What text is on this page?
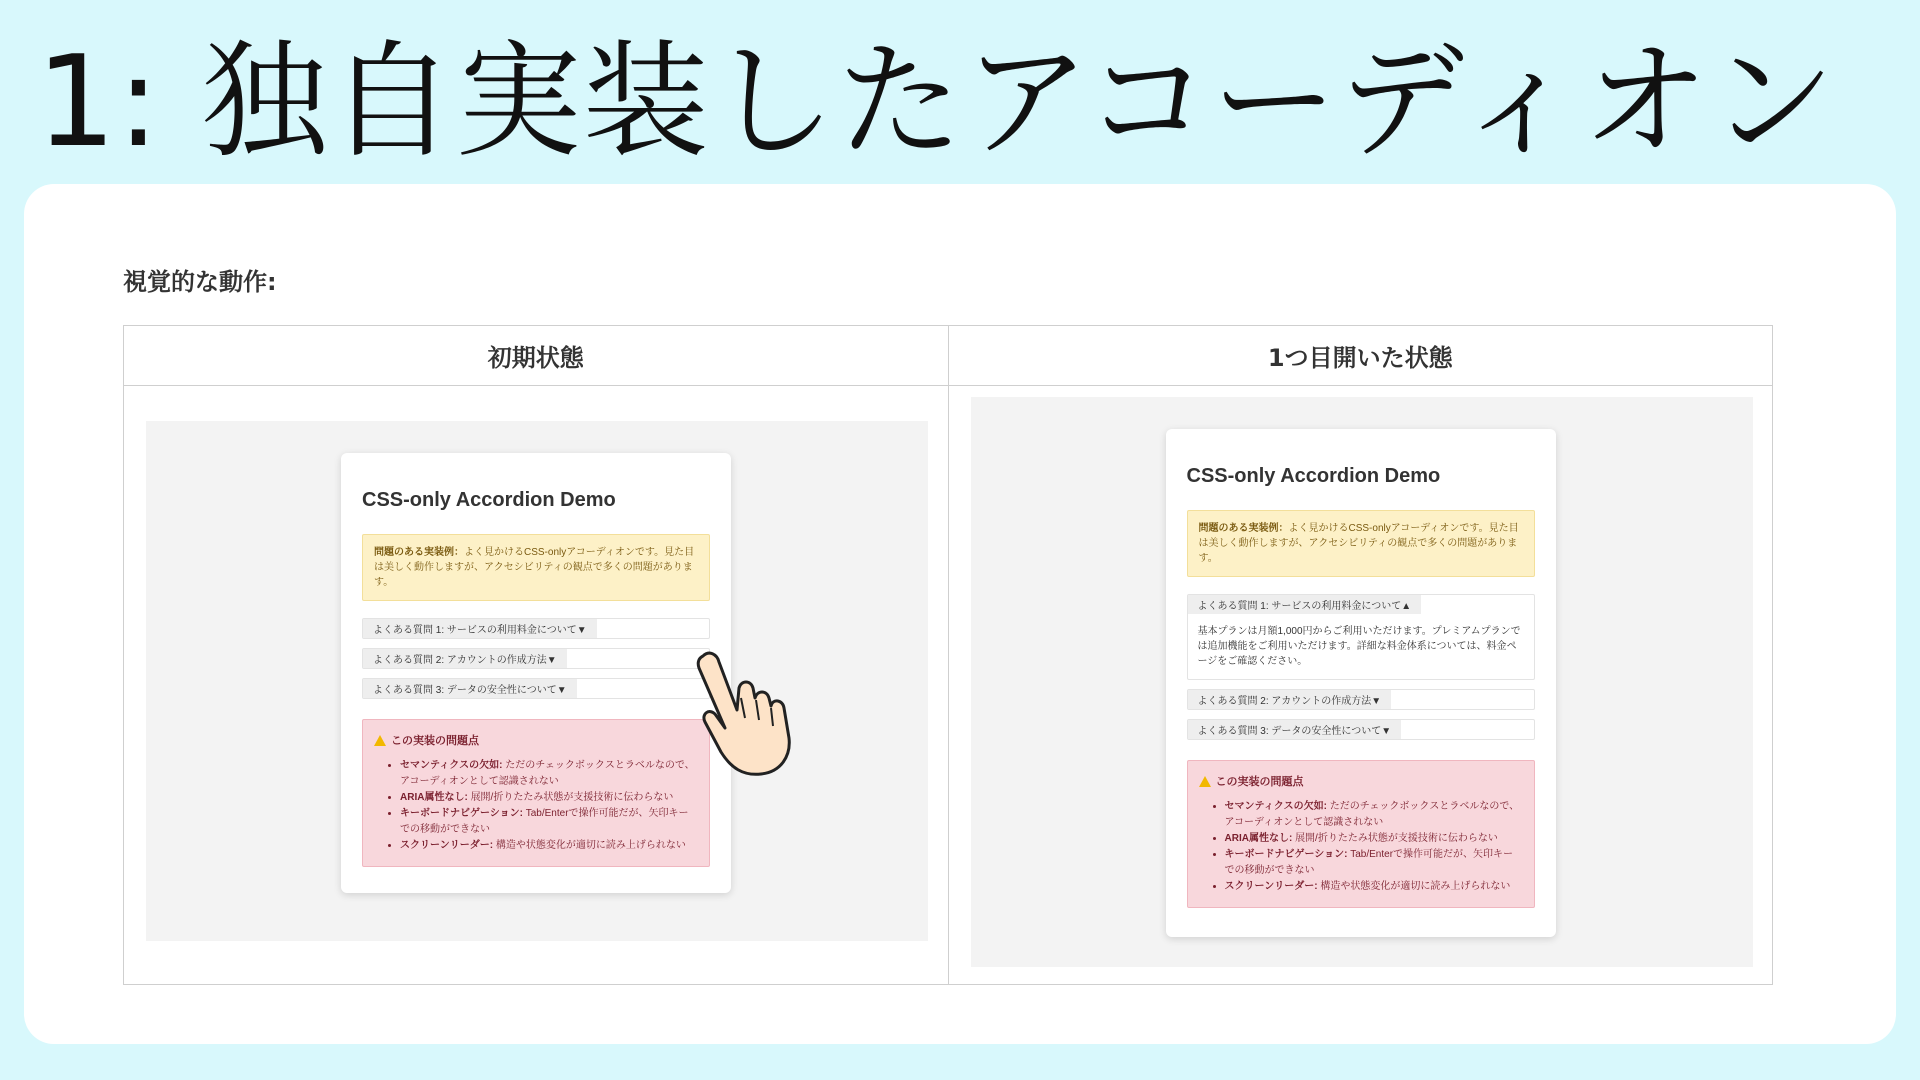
1: 独自実装したアコーディオン
視覚的な動作:
初期状態
CSS-only Accordion Demo
問題のある実装例：よく見かけるCSS-onlyアコーディオンです。見た目は美しく動作しますが、アクセシビリティの観点で多くの問題があります。
よくある質問 1: サービスの利用料金について▼
よくある質問 2: アカウントの作成方法▼
よくある質問 3: データの安全性について▼
この実装の問題点
• セマンティクスの欠如: ただのチェックボックスとラベルなので、アコーディオンとして認識されない
• ARIA属性なし: 展開/折りたたみ状態が支援技術に伝わらない
• キーボードナビゲーション: Tab/Enterで操作可能だが、矢印キーでの移動ができない
• スクリーンリーダー: 構造や状態変化が適切に読み上げられない
1つ目開いた状態
CSS-only Accordion Demo
問題のある実装例：よく見かけるCSS-onlyアコーディオンです。見た目は美しく動作しますが、アクセシビリティの観点で多くの問題があります。
よくある質問 1: サービスの利用料金について▲
基本プランは月額1,000円からご利用いただけます。プレミアムプランでは追加機能をご利用いただけます。詳細な料金体系については、料金ページをご確認ください。
よくある質問 2: アカウントの作成方法▼
よくある質問 3: データの安全性について▼
この実装の問題点
• セマンティクスの欠如: ただのチェックボックスとラベルなので、アコーディオンとして認識されない
• ARIA属性なし: 展開/折りたたみ状態が支援技術に伝わらない
• キーボードナビゲーション: Tab/Enterで操作可能だが、矢印キーでの移動ができない
• スクリーンリーダー: 構造や状態変化が適切に読み上げられない
